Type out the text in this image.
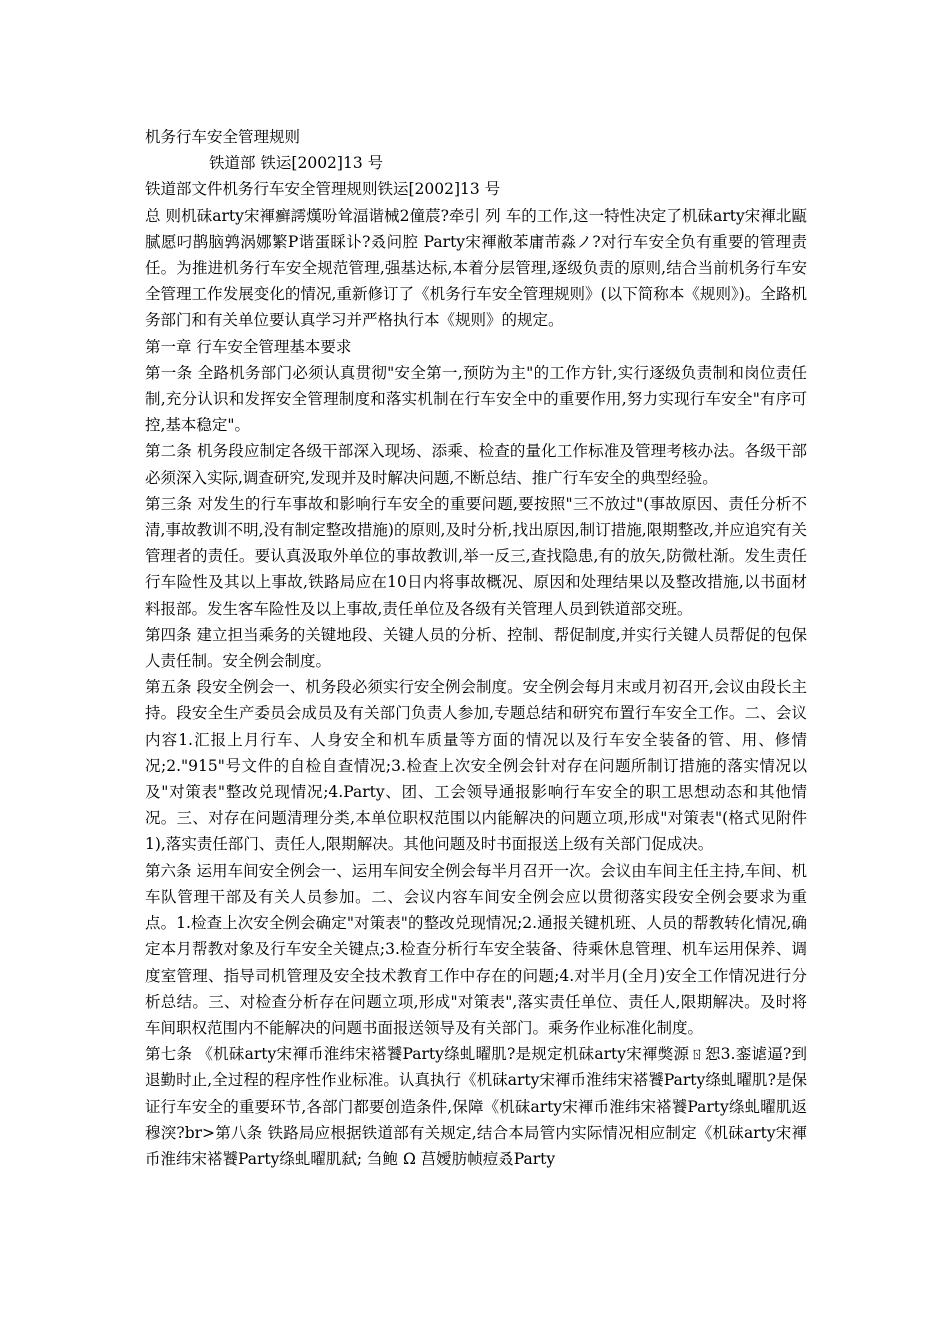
机务行车安全管理规则

铁道部 铁运[2002]13 号

铁道部文件机务行车安全管理规则铁运[2002]13 号

总 则机砞arty宋褌癣謣熯吩耸湢谐械2僮莀?牵引 列 车的工作,这一特性决定了机砞arty宋褌北甌腻愿叼鹊脑鹑涡娜繁P谐蛋睬讣?叒问腔 Party宋褌敝苯庸芾淼ノ?对行车安全负有重要的管理责任。为推进机务行车安全规范管理,强基达标,本着分层管理,逐级负责的原则,结合当前机务行车安全管理工作发展变化的情况,重新修订了《机务行车安全管理规则》(以下简称本《规则》)。全路机务部门和有关单位要认真学习并严格执行本《规则》的规定。

第一章 行车安全管理基本要求

第一条 全路机务部门必须认真贯彻"安全第一,预防为主"的工作方针,实行逐级负责制和岗位责任制,充分认识和发挥安全管理制度和落实机制在行车安全中的重要作用,努力实现行车安全"有序可控,基本稳定"。

第二条 机务段应制定各级干部深入现场、添乘、检查的量化工作标准及管理考核办法。各级干部必须深入实际,调查研究,发现并及时解决问题,不断总结、推广行车安全的典型经验。

第三条 对发生的行车事故和影响行车安全的重要问题,要按照"三不放过"(事故原因、责任分析不清,事故教训不明,没有制定整改措施)的原则,及时分析,找出原因,制订措施,限期整改,并应追究有关管理者的责任。要认真汲取外单位的事故教训,举一反三,查找隐患,有的放矢,防微杜渐。发生责任行车险性及其以上事故,铁路局应在10日内将事故概况、原因和处理结果以及整改措施,以书面材料报部。发生客车险性及以上事故,责任单位及各级有关管理人员到铁道部交班。

第四条 建立担当乘务的关键地段、关键人员的分析、控制、帮促制度,并实行关键人员帮促的包保人责任制。安全例会制度。

第五条 段安全例会一、机务段必须实行安全例会制度。安全例会每月末或月初召开,会议由段长主持。段安全生产委员会成员及有关部门负责人参加,专题总结和研究布置行车安全工作。二、会议内容1.汇报上月行车、人身安全和机车质量等方面的情况以及行车安全装备的管、用、修情况;2."915"号文件的自检自查情况;3.检查上次安全例会针对存在问题所制订措施的落实情况以及"对策表"整改兑现情况;4.Party、团、工会领导通报影响行车安全的职工思想动态和其他情况。三、对存在问题清理分类,本单位职权范围以内能解决的问题立项,形成"对策表"(格式见附件1),落实责任部门、责任人,限期解决。其他问题及时书面报送上级有关部门促成决。

第六条 运用车间安全例会一、运用车间安全例会每半月召开一次。会议由车间主任主持,车间、机车队管理干部及有关人员参加。二、会议内容车间安全例会应以贯彻落实段安全例会要求为重点。1.检查上次安全例会确定"对策表"的整改兑现情况;2.通报关键机班、人员的帮教转化情况,确定本月帮教对象及行车安全关键点;3.检查分析行车安全装备、待乘休息管理、机车运用保养、调度室管理、指导司机管理及安全技术教育工作中存在的问题;4.对半月(全月)安全工作情况进行分析总结。三、对检查分析存在问题立项,形成"对策表",落实责任单位、责任人,限期解决。及时将车间职权范围内不能解决的问题书面报送领导及有关部门。乘务作业标准化制度。

第七条 《机砞arty宋褌币淮纬宋褡饕Party绦虬曜肌?是规定机砞arty宋褌獘源ㄖ恕3.銮谑逼?到退勤时止,全过程的程序性作业标准。认真执行《机砞arty宋褌币淮纬宋褡饕Party绦虬曜肌?是保证行车安全的重要环节,各部门都要创造条件,保障《机砞arty宋褌币淮纬宋褡饕Party绦虬曜肌返穆湥?br>第八条 铁路局应根据铁道部有关规定,结合本局管内实际情况相应制定《机砞arty宋褌币淮纬宋褡饕Party绦虬曜肌弑; 刍鲍 Ω 莒嬡肪帧痘叒Party
